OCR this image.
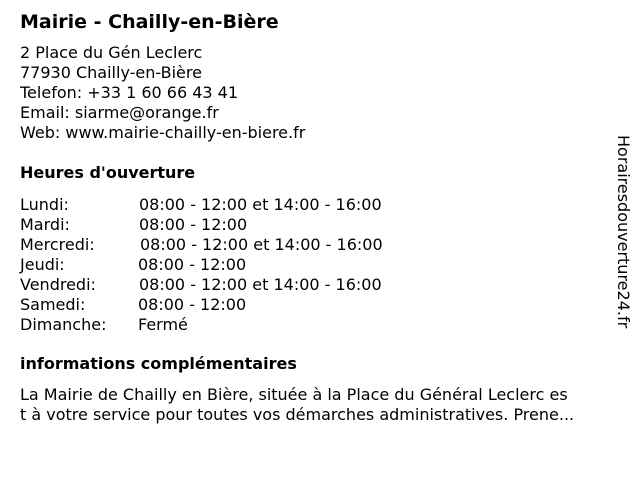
Mairie - Chailly-en-Bière
2 Place du Gén Leclerc
77930 Chailly-en-Bière
Telefon: +33 1 60 66 43 41
Email: siarme@orange.fr
Web: www.mairie-chailly-en-biere.fr
Heures d'ouverture
Lundi:	08:00 - 12:00 et 14:00 - 16:00
Mardi:	08:00 - 12:00
Mercredi:	08:00 - 12:00 et 14:00 - 16:00
Jeudi:	08:00 - 12:00
Vendredi:	08:00 - 12:00 et 14:00 - 16:00
Samedi:	08:00 - 12:00
Dimanche: Fermé
informations complémentaires
La Mairie de Chailly en Bière, située à la Place du Général Leclerc es
t à votre service pour toutes vos démarches administratives. Prene...
Horairesdouverture24.fr
